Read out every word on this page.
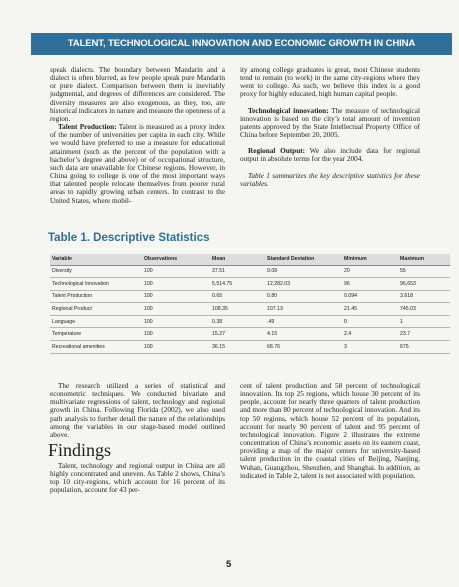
TALENT, TECHNOLOGICAL INNOVATION AND ECONOMIC GROWTH IN CHINA

speak dialects. The boundary between Mandarin and a dialect is often blurred, as few people speak pure Mandarin or pure dialect. Comparison between them is inevitably judgmental, and degrees of differences are considered. The diversity measures are also exogenous, as they, too, are historical indicators in nature and measure the openness of a region.

Talent Production: Talent is measured as a proxy index of the number of universities per capita in each city. While we would have preferred to use a measure for educational attainment (such as the percent of the population with a bachelor’s degree and above) or of occupational structure, such data are unavailable for Chinese regions. However, in China going to college is one of the most important ways that talented people relocate themselves from poorer rural areas to rapidly growing urban centers. In contrast to the United States, where mobil-

ity among college graduates is great, most Chinese students tend to remain (to work) in the same city-regions where they went to college. As such, we believe this index is a good proxy for highly educated, high human capital people.

Technological innovation: The measure of technological innovation is based on the city’s total amount of invention patents approved by the State Intellectual Property Office of China before September 20, 2005.

Regional Output: We also include data for regional output in absolute terms for the year 2004.

Table 1 summarizes the key descriptive statistics for these variables.

Table 1. Descriptive Statistics
Variable	Observations	Mean	Standard Deviation	Minimum	Maximum
Diversity	100	37.51	9.08	20	55
Technological Innovation	100	5,514.75	12,282.03	96	96,653
Talent Production	100	0.65	0.80	0.094	3.618
Regional Product	100	108.35	107.13	21.45	745.03
Language	100	0.38	.49	0	1
Temperature	100	15.27	4.15	2.4	23.7
Recreational amenities	100	36.15	68.76	3	675

The research utilized a series of statistical and econometric techniques. We conducted bivariate and multivariate regressions of talent, technology and regional growth in China. Following Florida (2002), we also used path analysis to further detail the nature of the relationships among the variables in our stage-based model outlined above.

Findings

Talent, technology and regional output in China are all highly concentrated and uneven. As Table 2 shows, China’s top 10 city-regions, which account for 16 percent of its population, account for 43 per-

cent of talent production and 58 percent of technological innovation. Its top 25 regions, which house 30 percent of its people, account for nearly three quarters of talent production and more than 80 percent of technological innovation. And its top 50 regions, which house 52 percent of its population, account for nearly 90 percent of talent and 95 percent of technological innovation. Figure 2 illustrates the extreme concentration of China’s economic assets on its eastern coast, providing a map of the major centers for university-based talent production in the coastal cities of Beijing, Nanjing, Wuhan, Guangzhou, Shenzhen, and Shanghai. In addition, as indicated in Table 2, talent is not associated with population.

5
